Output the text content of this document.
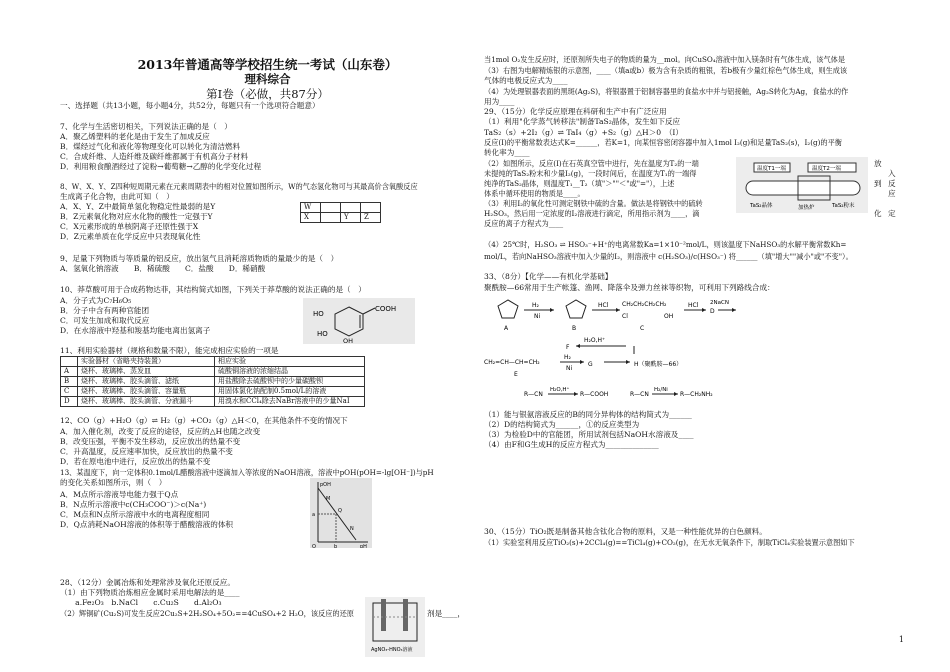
2013年普通高等学校招生统一考试（山东卷）
理科综合
第Ⅰ卷（必做，共87分）
一、选择题（共13小题，每小题4分，共52分，每题只有一个选项符合题意）
7、化学与生活密切相关，下列说法正确的是（　）
A．聚乙烯塑料的老化是由于发生了加成反应
B．煤经过气化和液化等物理变化可以转化为清洁燃料
C．合成纤维、人造纤维及碳纤维都属于有机高分子材料
D．利用粮食酿酒经过了淀粉→葡萄糖→乙醇的化学变化过程
8、W、X、Y、Z四种短周期元素在元素周期表中的相对位置如图所示，W的气态氢化物可与其最高价含氧酸反应
生成离子化合物，由此可知（　）
A．X、Y、Z中最简单氢化物稳定性最弱的是Y
B．Z元素氧化物对应水化物的酸性一定强于Y
C．X元素形成的单核阴离子还原性强于X
D．Z元素单质在化学反应中只表现氧化性
W			
X		Y	Z
9、足量下列物质与等质量的铝反应，放出氢气且消耗溶质物质的量最少的是（　）
A．氢氧化钠溶液　　B．稀硫酸　　C．盐酸　　D．稀硝酸
10、莽草酸可用于合成药物达菲，其结构简式如图，下列关于莽草酸的说法正确的是（　）
A．分子式为C₇H₆O₅
B．分子中含有两种官能团
C．可发生加成和取代反应
D．在水溶液中羟基和羧基均能电离出氢离子
HO
HO
OH
COOH
11、利用实验器材（规格和数量不限），能完成相应实验的一项是
	实验器材（省略夹持装置）	相应实验
A	烧杯、玻璃棒、蒸发皿	硫酸铜溶液的浓缩结晶
B	烧杯、玻璃棒、胶头滴管、滤纸	用盐酸除去硫酸钡中的少量碳酸钡
C	烧杯、玻璃棒、胶头滴管、容量瓶	用固体氯化钠配制0.5mol/L的溶液
D	烧杯、玻璃棒、胶头滴管、分液漏斗	用溴水和CCl₄除去NaBr溶液中的少量NaI
12、CO（g）+H₂O（g）⇌ H₂（g）+CO₂（g）△H＜0，在其他条件不变的情况下
A．加入催化剂，改变了反应的途径，反应的△H也随之改变
B．改变压强，平衡不发生移动，反应放出的热量不变
C．升高温度，反应速率加快，反应放出的热量不变
D．若在原电池中进行，反应放出的热量不变
13、某温度下，向一定体积0.1mol/L醋酸溶液中逐滴加入等浓度的NaOH溶液，溶液中pOH(pOH=-lg[OH⁻])与pH
的变化关系如图所示，则（　）
A．M点所示溶液导电能力强于Q点
B．N点所示溶液中c(CH₃COO⁻)＞c(Na⁺)
C．M点和N点所示溶液中水的电离程度相同
D．Q点消耗NaOH溶液的体积等于醋酸溶液的体积
pOH
pH
a
b
O
M
Q
N
28、（12分）金属冶炼和处理常涉及氧化还原反应。
（1）由下列物质冶炼相应金属时采用电解法的是____
　　a.Fe₂O₃　b.NaCl　　c.Cu₂S　　d.Al₂O₃
（2）辉铜矿(Cu₂S)可发生反应2Cu₂S+2H₂SO₄+5O₂==4CuSO₄+2 H₂O，该反应的还原	剂是____，
AgNO₃-HNO₃溶液
当1mol O₂发生反应时，还原剂所失电子的物质的量为__mol。向CuSO₄溶液中加入镁条时有气体生成，该气体是
（3）右图为电解精炼银的示意图，____（填a或b）极为含有杂质的粗银，若b极有少量红棕色气体生成，则生成该
气体的电极反应式为____
（4）为处理银器表面的黑斑(Ag₂S)，将银器置于铝制容器里的食盐水中并与铝接触，Ag₂S转化为Ag，食盐水的作
用为____
29、（15分）化学反应原理在科研和生产中有广泛应用
（1）利用"化学蒸气转移法"制备TaS₂晶体，发生如下反应
TaS₂（s）+2I₂（g）⇌ TaI₄（g）+S₂（g）△H＞0　（Ⅰ）
反应(Ⅰ)的平衡常数表达式K=______，若K=1，向某恒容密闭容器中加入1mol I₂(g)和足量TaS₂(s)，I₂(g)的平衡
转化率为____
（2）如图所示，反应(Ⅰ)在石英真空管中进行，先在温度为T₂的一端
未提纯的TaS₂粉末和少量I₂(g)，一段时间后，在温度为T₁的一端得
纯净的TaS₂晶体，则温度T₁__T₂（填"＞""＜"或"="），上述
体系中循环使用的物质是____。
（3）利用I₂的氧化性可测定钢铁中硫的含量。做法是将钢铁中的硫转
H₂SO₃，然后用一定浓度的I₂溶液进行滴定，所用指示剂为____，滴
反应的离子方程式为____
放
入
到 反
应
化 定
温度T1一端	温度T2一端
TaS₂晶体	加热炉	TaS₂粉末
（4）25℃时，H₂SO₃ ⇌ HSO₃⁻+H⁺的电离常数Ka=1×10⁻²mol/L，则该温度下NaHSO₃的水解平衡常数Kh=
mol/L，若向NaHSO₃溶液中加入少量的I₂，则溶液中 c(H₂SO₃)/c(HSO₃⁻) 将______（填"增大""减小"或"不变"）。
33、（8分）【化学——有机化学基础】
聚酰胺—66常用于生产帐篷、渔网、降落伞及弹力丝袜等织物，可利用下列路线合成：
A
H₂
Ni
B
HCl CH₂CH₂CH₂CH₂
Cl	OH
C
HCl
D
2NaCN
H₂O,H⁺
F
CH₂=CH—CH=CH₂
E
H₂
Ni
G	H（聚酰胺—66）
R—CN
H₂O,H⁺
R—COOH	R—CN
H₂/Ni
R—CH₂NH₂
（1）能与银氨溶液反应的B的同分异构体的结构简式为______
（2）D的结构简式为______，①的反应类型为
（3）为检验D中的官能团，所用试剂包括NaOH水溶液及____
（4）由F和G生成H的反应方程式为______________
30、（15分）TiO₂既是制备其他含钛化合物的原料，又是一种性能优异的白色颜料。
（1）实验室利用反应TiO₂(s)+2CCl₄(g)==TiCl₄(g)+CO₂(g)，在无水无氧条件下，制取TiCl₄实验装置示意图如下
1
